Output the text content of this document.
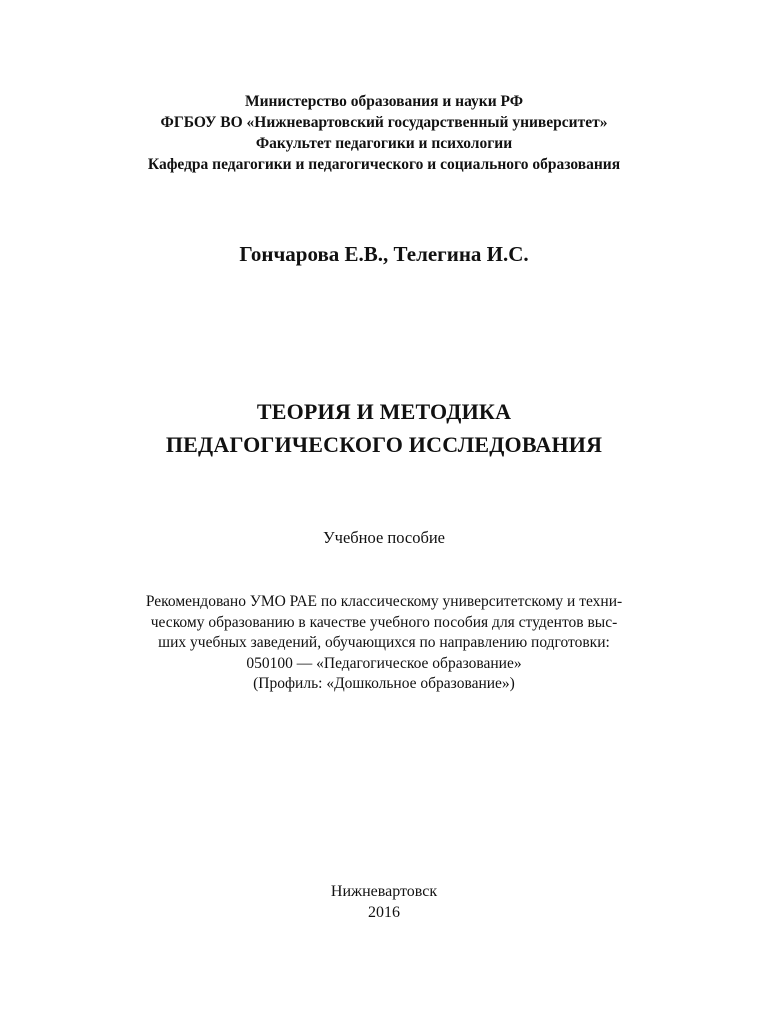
Министерство образования и науки РФ
ФГБОУ ВО «Нижневартовский государственный университет»
Факультет педагогики и психологии
Кафедра педагогики и педагогического и социального образования
Гончарова Е.В., Телегина И.С.
ТЕОРИЯ И МЕТОДИКА
ПЕДАГОГИЧЕСКОГО ИССЛЕДОВАНИЯ
Учебное пособие
Рекомендовано УМО РАЕ по классическому университетскому и техни-
ческому образованию в качестве учебного пособия для студентов выс-
ших учебных заведений, обучающихся по направлению подготовки:
050100 — «Педагогическое образование»
(Профиль: «Дошкольное образование»)
Нижневартовск
2016
